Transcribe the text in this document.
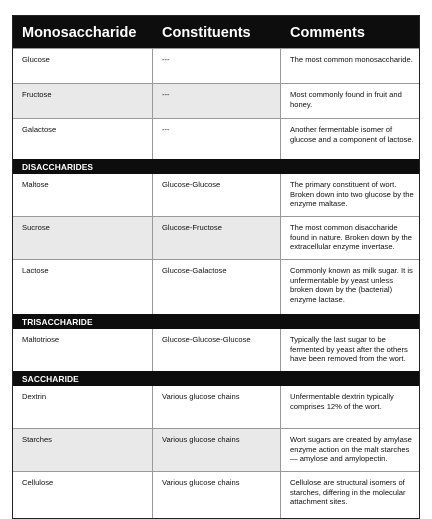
Monosaccharide	Constituents	Comments
Glucose	---	The most common monosaccharide.
Fructose	---	Most commonly found in fruit and honey.
Galactose	---	Another fermentable isomer of glucose and a component of lactose.
DISACCHARIDES
Maltose	Glucose-Glucose	The primary constituent of wort. Broken down into two glucose by the enzyme maltase.
Sucrose	Glucose-Fructose	The most common disaccharide found in nature. Broken down by the extracellular enzyme invertase.
Lactose	Glucose-Galactose	Commonly known as milk sugar. It is unfermentable by yeast unless broken down by the (bacterial) enzyme lactase.
TRISACCHARIDE
Maltotriose	Glucose-Glucose-Glucose	Typically the last sugar to be fermented by yeast after the others have been removed from the wort.
SACCHARIDE
Dextrin	Various glucose chains	Unfermentable dextrin typically comprises 12% of the wort.
Starches	Various glucose chains	Wort sugars are created by amylase enzyme action on the malt starches — amylose and amylopectin.
Cellulose	Various glucose chains	Cellulose are structural isomers of starches, differing in the molecular attachment sites.
